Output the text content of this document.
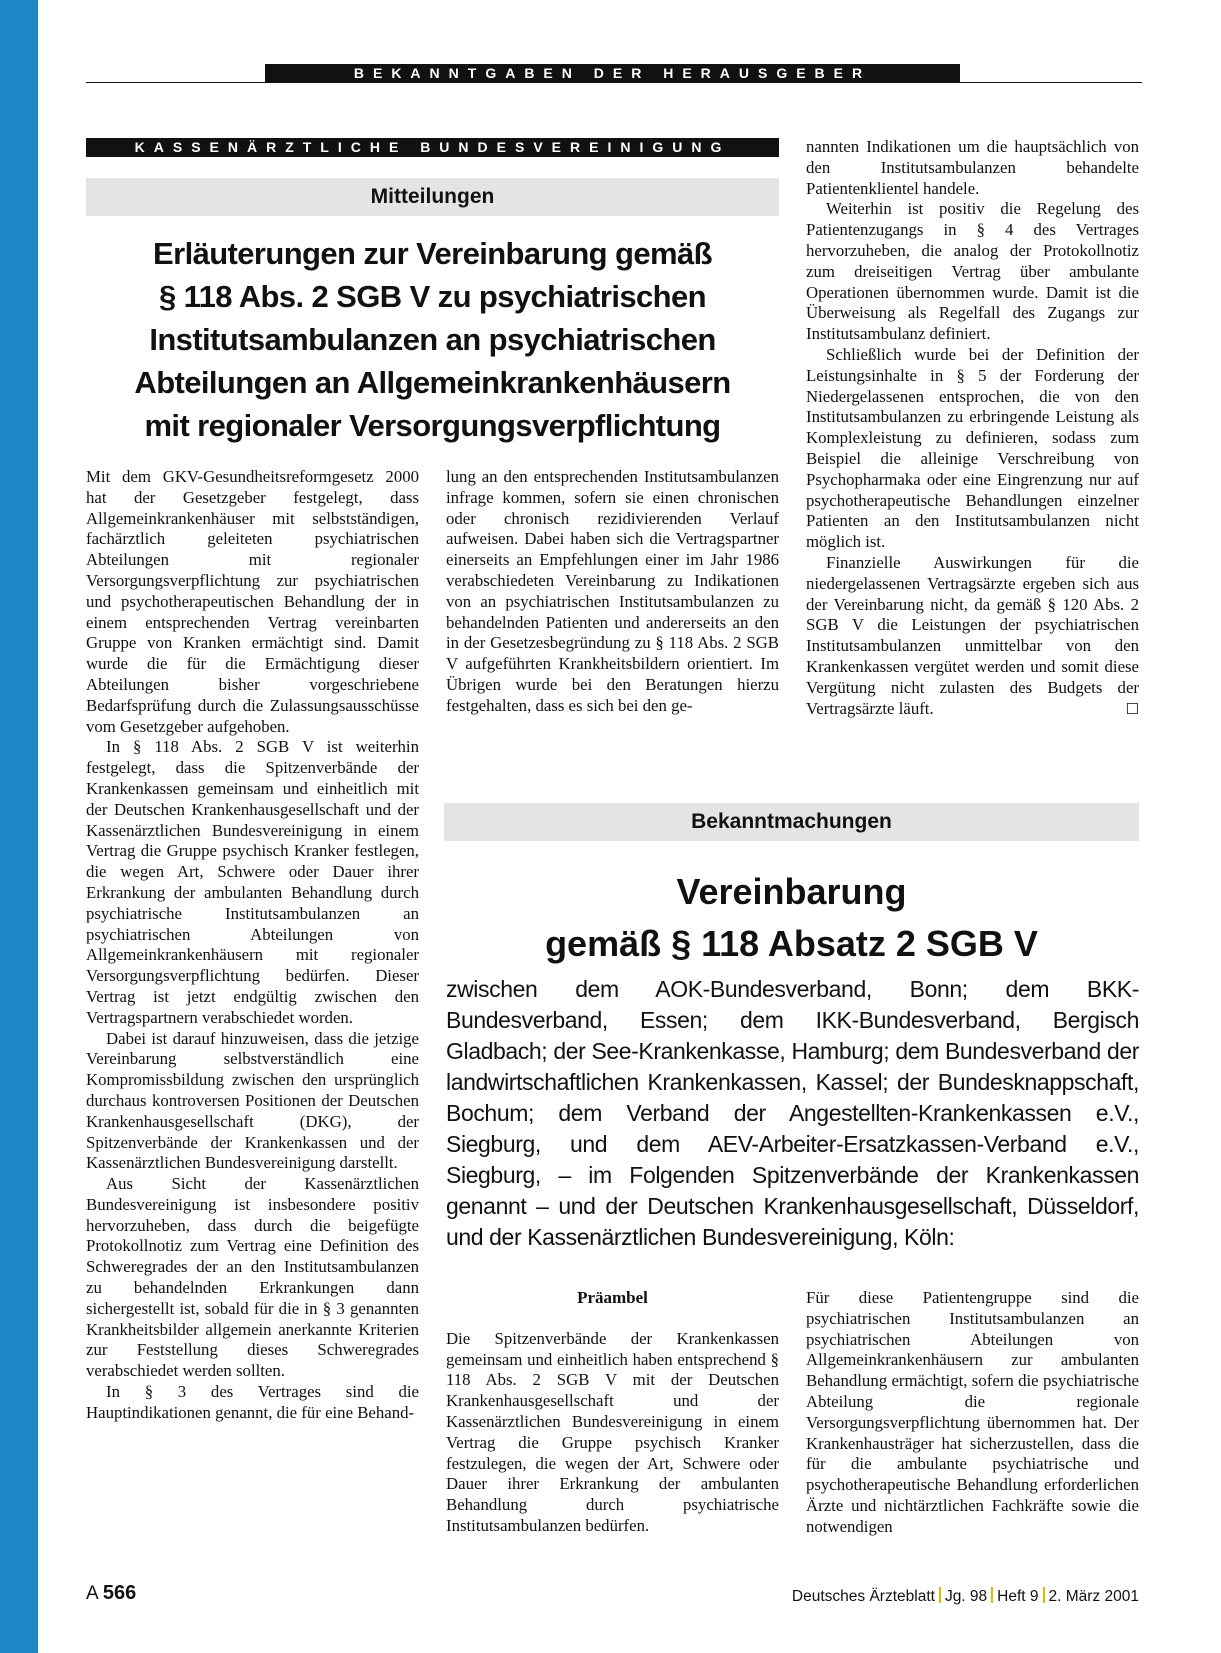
BEKANNTGABEN DER HERAUSGEBER
KASSENÄRZTLICHE BUNDESVEREINIGUNG
Mitteilungen
Erläuterungen zur Vereinbarung gemäß
§ 118 Abs. 2 SGB V zu psychiatrischen
Institutsambulanzen an psychiatrischen
Abteilungen an Allgemeinkrankenhäusern
mit regionaler Versorgungsverpflichtung

Mit dem GKV-Gesundheitsreformgesetz 2000 hat der Gesetzgeber festgelegt, dass Allgemeinkrankenhäuser mit selbstständigen, fachärztlich geleiteten psychiatrischen Abteilungen mit regionaler Versorgungsverpflichtung zur psychiatrischen und psychotherapeutischen Behandlung der in einem entsprechenden Vertrag vereinbarten Gruppe von Kranken ermächtigt sind. Damit wurde die für die Ermächtigung dieser Abteilungen bisher vorgeschriebene Bedarfsprüfung durch die Zulassungsausschüsse vom Gesetzgeber aufgehoben.

In § 118 Abs. 2 SGB V ist weiterhin festgelegt, dass die Spitzenverbände der Krankenkassen gemeinsam und einheitlich mit der Deutschen Krankenhausgesellschaft und der Kassenärztlichen Bundesvereinigung in einem Vertrag die Gruppe psychisch Kranker festlegen, die wegen Art, Schwere oder Dauer ihrer Erkrankung der ambulanten Behandlung durch psychiatrische Institutsambulanzen an psychiatrischen Abteilungen von Allgemeinkrankenhäusern mit regionaler Versorgungsverpflichtung bedürfen. Dieser Vertrag ist jetzt endgültig zwischen den Vertragspartnern verabschiedet worden.

Dabei ist darauf hinzuweisen, dass die jetzige Vereinbarung selbstverständlich eine Kompromissbildung zwischen den ursprünglich durchaus kontroversen Positionen der Deutschen Krankenhausgesellschaft (DKG), der Spitzenverbände der Krankenkassen und der Kassenärztlichen Bundesvereinigung darstellt.

Aus Sicht der Kassenärztlichen Bundesvereinigung ist insbesondere positiv hervorzuheben, dass durch die beigefügte Protokollnotiz zum Vertrag eine Definition des Schweregrades der an den Institutsambulanzen zu behandelnden Erkrankungen dann sichergestellt ist, sobald für die in § 3 genannten Krankheitsbilder allgemein anerkannte Kriterien zur Feststellung dieses Schweregrades verabschiedet werden sollten.

In § 3 des Vertrages sind die Hauptindikationen genannt, die für eine Behand-

lung an den entsprechenden Institutsambulanzen infrage kommen, sofern sie einen chronischen oder chronisch rezidivierenden Verlauf aufweisen. Dabei haben sich die Vertragspartner einerseits an Empfehlungen einer im Jahr 1986 verabschiedeten Vereinbarung zu Indikationen von an psychiatrischen Institutsambulanzen zu behandelnden Patienten und andererseits an den in der Gesetzesbegründung zu § 118 Abs. 2 SGB V aufgeführten Krankheitsbildern orientiert. Im Übrigen wurde bei den Beratungen hierzu festgehalten, dass es sich bei den ge-

nannten Indikationen um die hauptsächlich von den Institutsambulanzen behandelte Patientenklientel handele.

Weiterhin ist positiv die Regelung des Patientenzugangs in § 4 des Vertrages hervorzuheben, die analog der Protokollnotiz zum dreiseitigen Vertrag über ambulante Operationen übernommen wurde. Damit ist die Überweisung als Regelfall des Zugangs zur Institutsambulanz definiert.

Schließlich wurde bei der Definition der Leistungsinhalte in § 5 der Forderung der Niedergelassenen entsprochen, die von den Institutsambulanzen zu erbringende Leistung als Komplexleistung zu definieren, sodass zum Beispiel die alleinige Verschreibung von Psychopharmaka oder eine Eingrenzung nur auf psychotherapeutische Behandlungen einzelner Patienten an den Institutsambulanzen nicht möglich ist.

Finanzielle Auswirkungen für die niedergelassenen Vertragsärzte ergeben sich aus der Vereinbarung nicht, da gemäß § 120 Abs. 2 SGB V die Leistungen der psychiatrischen Institutsambulanzen unmittelbar von den Krankenkassen vergütet werden und somit diese Vergütung nicht zulasten des Budgets der Vertragsärzte läuft.	☐

Bekanntmachungen
Vereinbarung
gemäß § 118 Absatz 2 SGB V

zwischen dem AOK-Bundesverband, Bonn; dem BKK-Bundesverband, Essen; dem IKK-Bundesverband, Bergisch Gladbach; der See-Krankenkasse, Hamburg; dem Bundesverband der landwirtschaftlichen Krankenkassen, Kassel; der Bundesknappschaft, Bochum; dem Verband der Angestellten-Krankenkassen e.V., Siegburg, und dem AEV-Arbeiter-Ersatzkassen-Verband e.V., Siegburg, – im Folgenden Spitzenverbände der Krankenkassen genannt – und der Deutschen Krankenhausgesellschaft, Düsseldorf, und der Kassenärztlichen Bundesvereinigung, Köln:

Präambel

Die Spitzenverbände der Krankenkassen gemeinsam und einheitlich haben entsprechend § 118 Abs. 2 SGB V mit der Deutschen Krankenhausgesellschaft und der Kassenärztlichen Bundesvereinigung in einem Vertrag die Gruppe psychisch Kranker festzulegen, die wegen der Art, Schwere oder Dauer ihrer Erkrankung der ambulanten Behandlung durch psychiatrische Institutsambulanzen bedürfen.

Für diese Patientengruppe sind die psychiatrischen Institutsambulanzen an psychiatrischen Abteilungen von Allgemeinkrankenhäusern zur ambulanten Behandlung ermächtigt, sofern die psychiatrische Abteilung die regionale Versorgungsverpflichtung übernommen hat. Der Krankenhausträger hat sicherzustellen, dass die für die ambulante psychiatrische und psychotherapeutische Behandlung erforderlichen Ärzte und nichtärztlichen Fachkräfte sowie die notwendigen

A 566	Deutsches Ärzteblatt Jg. 98 Heft 9 2. März 2001
